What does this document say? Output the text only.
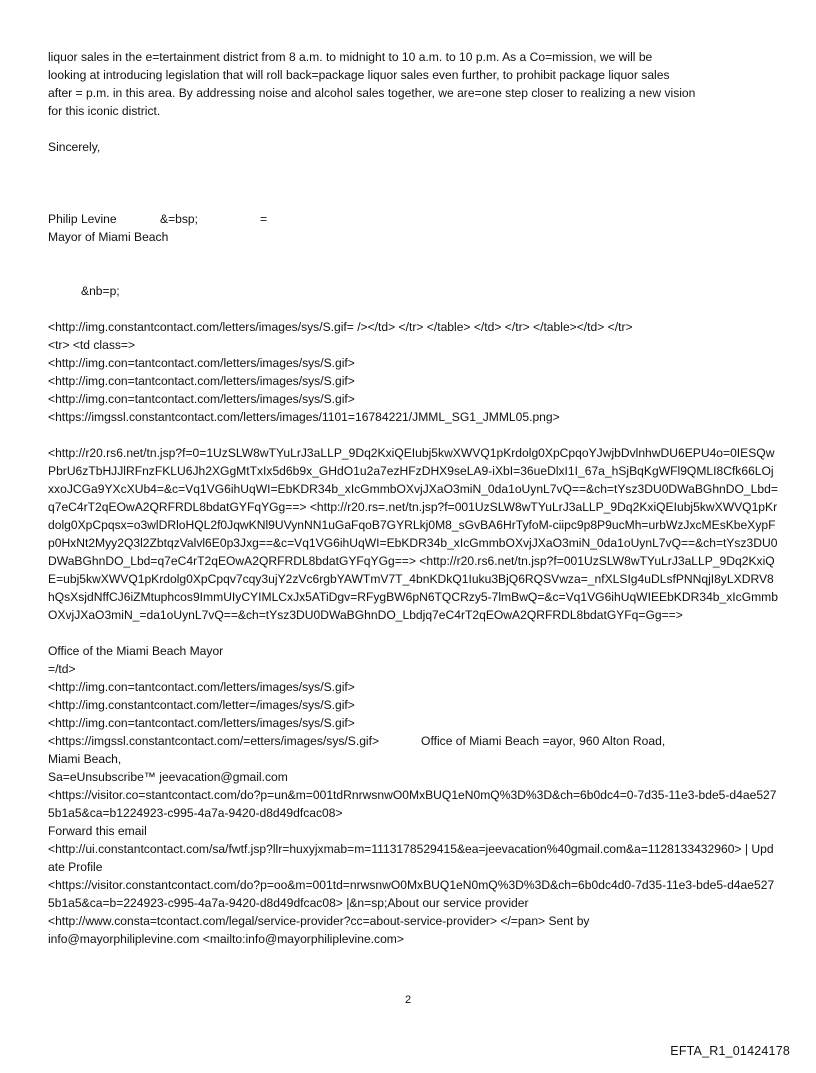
liquor sales in the e=tertainment district from 8 a.m. to midnight to 10 a.m. to 10 p.m. As a Co=mission, we will be

looking at introducing legislation that will roll back=package liquor sales even further, to prohibit package liquor sales

after = p.m. in this area. By addressing noise and alcohol sales together, we are=one step closer to realizing a new vision

for this iconic district.

Sincerely,

Philip Levine	&=bsp;	=

Mayor of Miami Beach

&nb=p;

<http://img.constantcontact.com/letters/images/sys/S.gif= /></td> </tr> </table> </td> </tr> </table></td> </tr>

<tr> <td class=>

<http://img.con=tantcontact.com/letters/images/sys/S.gif>

<http://img.con=tantcontact.com/letters/images/sys/S.gif>

<http://img.con=tantcontact.com/letters/images/sys/S.gif>

<https://imgssl.constantcontact.com/letters/images/1101=16784221/JMML_SG1_JMML05.png>

<http://r20.rs6.net/tn.jsp?f=0=1UzSLW8wTYuLrJ3aLLP_9Dq2KxiQEIubj5kwXWVQ1pKrdolg0XpCpqoYJwjbDvlnhwDU6EPU4o=0IESQwPbrU6zTbHJJlRFnzFKLU6Jh2XGgMtTxIx5d6b9x_GHdO1u2a7ezHFzDHX9seLA9-iXbI=36ueDlxI1I_67a_hSjBqKgWFl9QMLI8Cfk66LOjxxoJCGa9YXcXUb4=&c=Vq1VG6ihUqWI=EbKDR34b_xIcGmmbOXvjJXaO3miN_0da1oUynL7vQ==&ch=tYsz3DU0DWaBGhnDO_Lbd=q7eC4rT2qEOwA2QRFRDL8bdatGYFqYGg==> <http://r20.rs=.net/tn.jsp?f=001UzSLW8wTYuLrJ3aLLP_9Dq2KxiQEIubj5kwXWVQ1pKrdolg0XpCpqsx=o3wlDRloHQL2f0JqwKNl9UVynNN1uGaFqoB7GYRLkj0M8_sGvBA6HrTyfoM-ciipc9p8P9ucMh=urbWzJxcMEsKbeXypFp0HxNt2Myy2Q3l2ZbtqzValvl6E0p3Jxg==&c=Vq1VG6ihUqWI=EbKDR34b_xIcGmmbOXvjJXaO3miN_0da1oUynL7vQ==&ch=tYsz3DU0DWaBGhnDO_Lbd=q7eC4rT2qEOwA2QRFRDL8bdatGYFqYGg==> <http://r20.rs6.net/tn.jsp?f=001UzSLW8wTYuLrJ3aLLP_9Dq2KxiQE=ubj5kwXWVQ1pKrdolg0XpCpqv7cqy3ujY2zVc6rgbYAWTmV7T_4bnKDkQ1Iuku3BjQ6RQSVwza=_nfXLSIg4uDLsfPNNqjI8yLXDRV8hQsXsjdNffCJ6iZMtuphcos9ImmUIyCYIMLCxJx5ATiDgv=RFygBW6pN6TQCRzy5-7lmBwQ=&c=Vq1VG6ihUqWIEEbKDR34b_xIcGmmbOXvjJXaO3miN_=da1oUynL7vQ==&ch=tYsz3DU0DWaBGhnDO_Lbdjq7eC4rT2qEOwA2QRFRDL8bdatGYFq=Gg==>

Office of the Miami Beach Mayor

=/td>

<http://img.con=tantcontact.com/letters/images/sys/S.gif>

<http://img.constantcontact.com/letter=/images/sys/S.gif>

<http://img.con=tantcontact.com/letters/images/sys/S.gif>

<https://imgssl.constantcontact.com/=etters/images/sys/S.gif>	Office of Miami Beach =ayor, 960 Alton Road,

Miami Beach,

Sa=eUnsubscribe™ jeevacation@gmail.com

<https://visitor.co=stantcontact.com/do?p=un&m=001tdRnrwsnwO0MxBUQ1eN0mQ%3D%3D&ch=6b0dc4=0-7d35-11e3-bde5-d4ae5275b1a5&ca=b1224923-c995-4a7a-9420-d8d49dfcac08>

Forward this email

<http://ui.constantcontact.com/sa/fwtf.jsp?llr=huxyjxmab=m=1113178529415&ea=jeevacation%40gmail.com&a=1128133432960> | Update Profile

<https://visitor.constantcontact.com/do?p=oo&m=001td=nrwsnwO0MxBUQ1eN0mQ%3D%3D&ch=6b0dc4d0-7d35-11e3-bde5-d4ae5275b1a5&ca=b=224923-c995-4a7a-9420-d8d49dfcac08> |&n=sp;About our service provider

<http://www.consta=tcontact.com/legal/service-provider?cc=about-service-provider> </=pan> Sent by

info@mayorphiliplevine.com <mailto:info@mayorphiliplevine.com>

2
EFTA_R1_01424178
